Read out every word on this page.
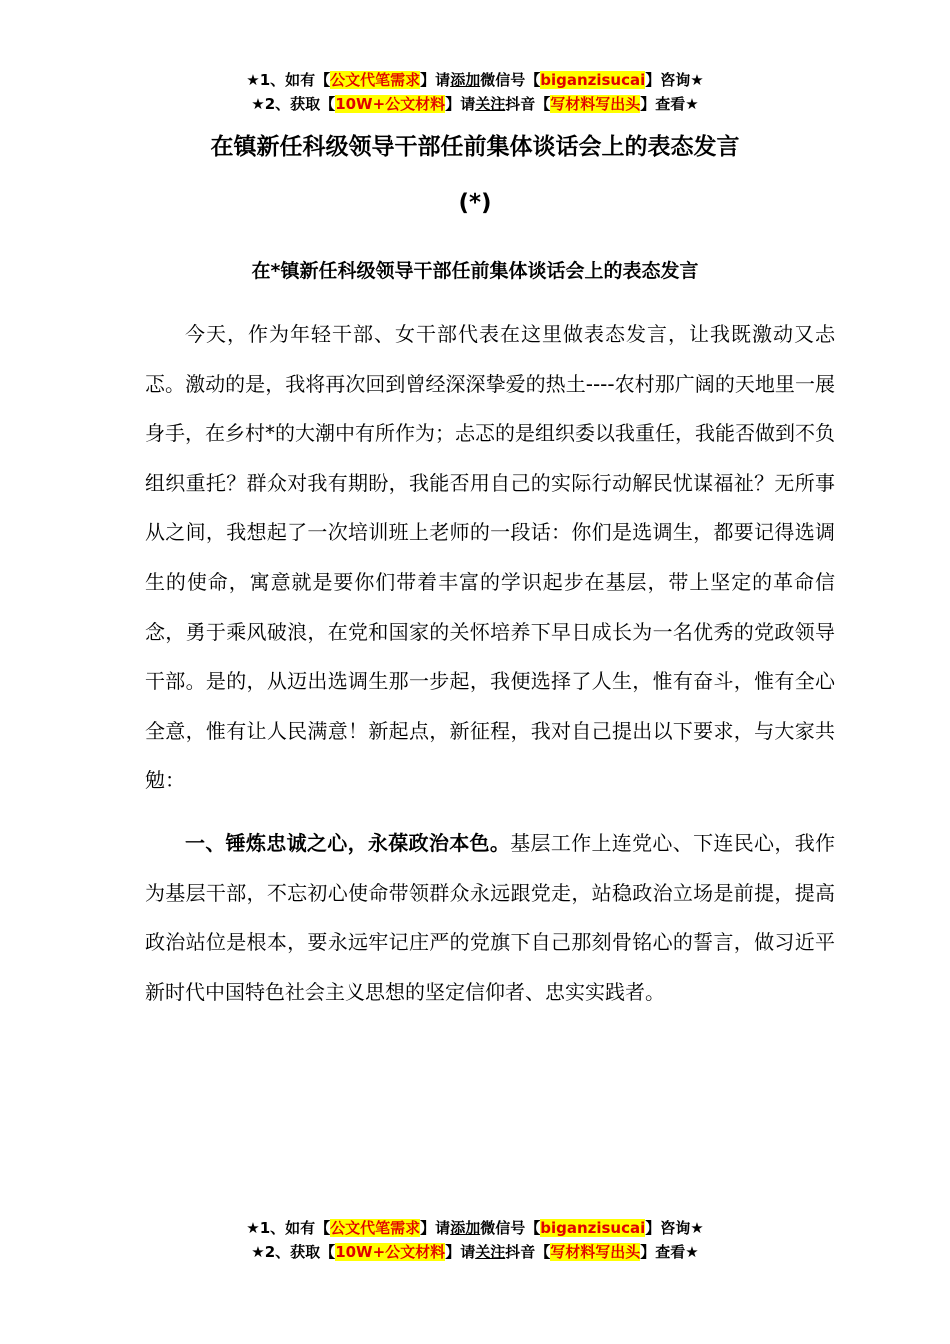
★1、如有【公文代笔需求】请添加微信号【biganzisucai】咨询★
★2、获取【10W+公文材料】请关注抖音【写材料写出头】查看★
在镇新任科级领导干部任前集体谈话会上的表态发言
(*)
在*镇新任科级领导干部任前集体谈话会上的表态发言

今天，作为年轻干部、女干部代表在这里做表态发言，让我既激动又忐忑。激动的是，我将再次回到曾经深深挚爱的热土----农村那广阔的天地里一展身手，在乡村*的大潮中有所作为；忐忑的是组织委以我重任，我能否做到不负组织重托？群众对我有期盼，我能否用自己的实际行动解民忧谋福祉？无所事从之间，我想起了一次培训班上老师的一段话：你们是选调生，都要记得选调生的使命，寓意就是要你们带着丰富的学识起步在基层，带上坚定的革命信念，勇于乘风破浪，在党和国家的关怀培养下早日成长为一名优秀的党政领导干部。是的，从迈出选调生那一步起，我便选择了人生，惟有奋斗，惟有全心全意，惟有让人民满意！新起点，新征程，我对自己提出以下要求，与大家共勉：

一、锤炼忠诚之心，永葆政治本色。基层工作上连党心、下连民心，我作为基层干部，不忘初心使命带领群众永远跟党走，站稳政治立场是前提，提高政治站位是根本，要永远牢记庄严的党旗下自己那刻骨铭心的誓言，做习近平新时代中国特色社会主义思想的坚定信仰者、忠实实践者。

★1、如有【公文代笔需求】请添加微信号【biganzisucai】咨询★
★2、获取【10W+公文材料】请关注抖音【写材料写出头】查看★
